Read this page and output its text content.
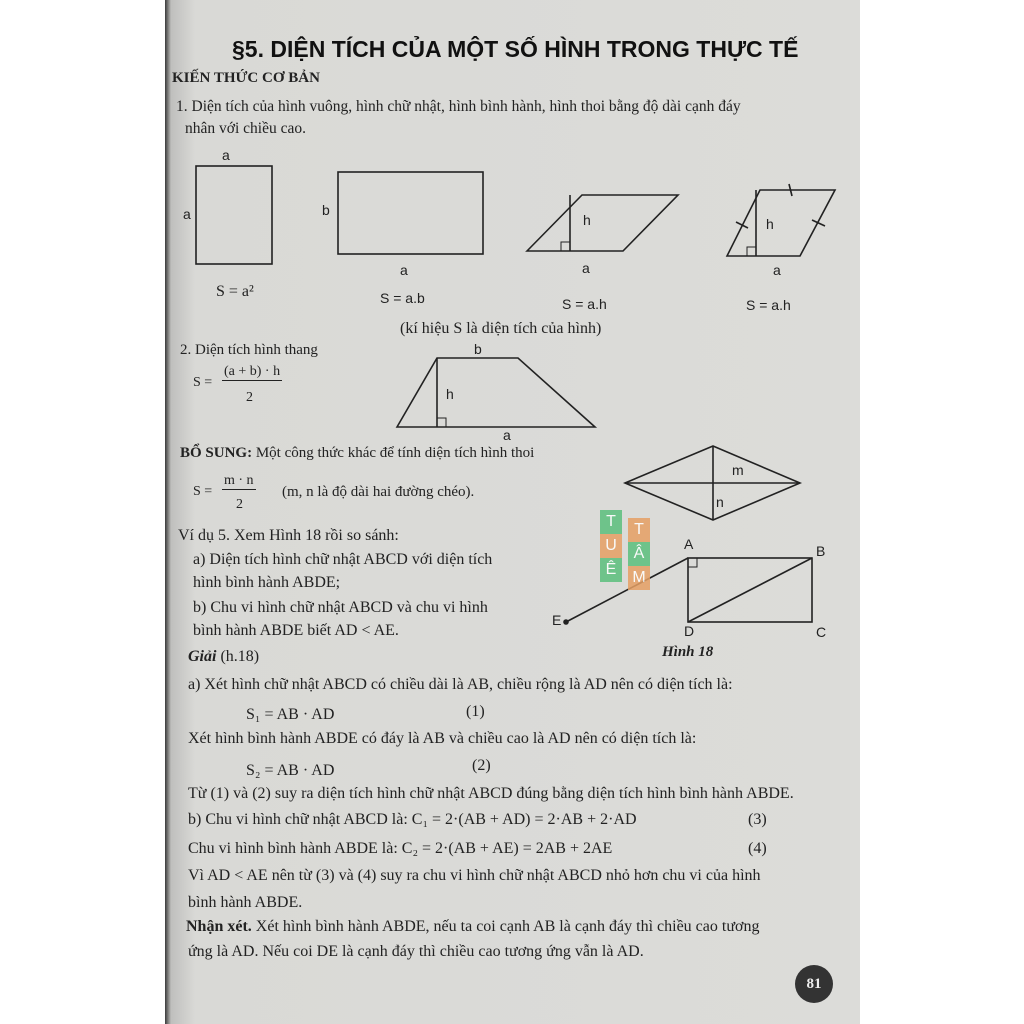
§5. DIỆN TÍCH CỦA MỘT SỐ HÌNH TRONG THỰC TẾ
KIẾN THỨC CƠ BẢN
1. Diện tích của hình vuông, hình chữ nhật, hình bình hành, hình thoi bằng độ dài cạnh đáy
nhân với chiều cao.
a
a	b
a
h
a
h
a
S = a²	S = a.b	S = a.h	S = a.h
(kí hiệu S là diện tích của hình)
2. Diện tích hình thang	b
h
a
S =
(a + b) · h
2
BỔ SUNG: Một công thức khác để tính diện tích hình thoi
m
n
S =
m · n
2
(m, n là độ dài hai đường chéo).
Ví dụ 5. Xem Hình 18 rồi so sánh:
a) Diện tích hình chữ nhật ABCD với diện tích
hình bình hành ABDE;
b) Chu vi hình chữ nhật ABCD và chu vi hình
bình hành ABDE biết AD < AE.
Giải (h.18)
T
U
Ê
T
Â
M
A	B
C
D
E
Hình 18
a) Xét hình chữ nhật ABCD có chiều dài là AB, chiều rộng là AD nên có diện tích là:
S₁ = AB · AD	(1)
Xét hình bình hành ABDE có đáy là AB và chiều cao là AD nên có diện tích là:
S₂ = AB · AD	(2)
Từ (1) và (2) suy ra diện tích hình chữ nhật ABCD đúng bằng diện tích hình bình hành ABDE.
b) Chu vi hình chữ nhật ABCD là: C₁ = 2·(AB + AD) = 2·AB + 2·AD	(3)
Chu vi hình bình hành ABDE là: C₂ = 2·(AB + AE) = 2AB + 2AE	(4)
Vì AD < AE nên từ (3) và (4) suy ra chu vi hình chữ nhật ABCD nhỏ hơn chu vi của hình
bình hành ABDE.
Nhận xét. Xét hình bình hành ABDE, nếu ta coi cạnh AB là cạnh đáy thì chiều cao tương
ứng là AD. Nếu coi DE là cạnh đáy thì chiều cao tương ứng vẫn là AD.
81
